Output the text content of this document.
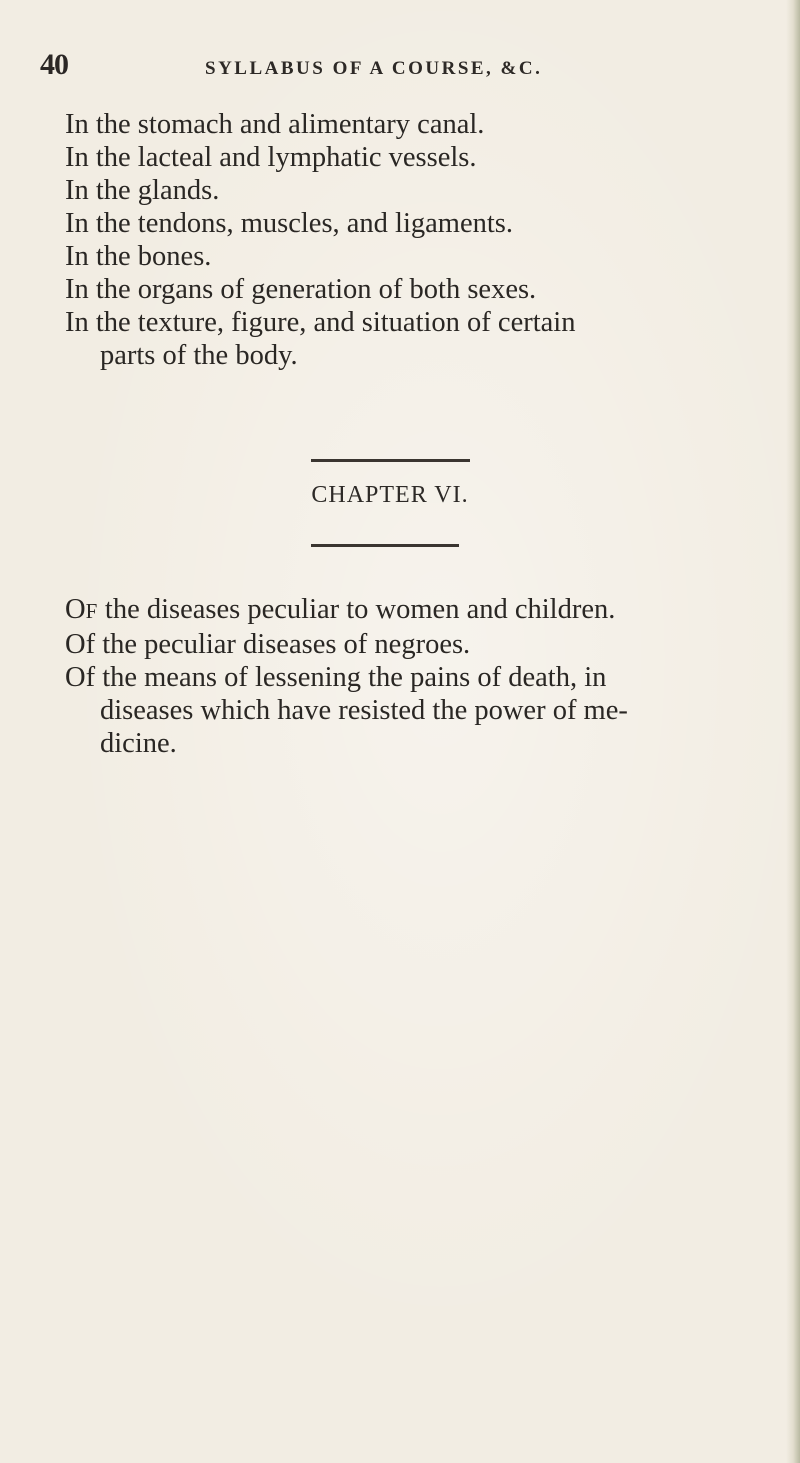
40	SYLLABUS OF A COURSE, &C.
In the stomach and alimentary canal.
In the lacteal and lymphatic vessels.
In the glands.
In the tendons, muscles, and ligaments.
In the bones.
In the organs of generation of both sexes.
In the texture, figure, and situation of certain
parts of the body.
CHAPTER VI.
OF the diseases peculiar to women and children.
Of the peculiar diseases of negroes.
Of the means of lessening the pains of death, in
diseases which have resisted the power of me-
dicine.
